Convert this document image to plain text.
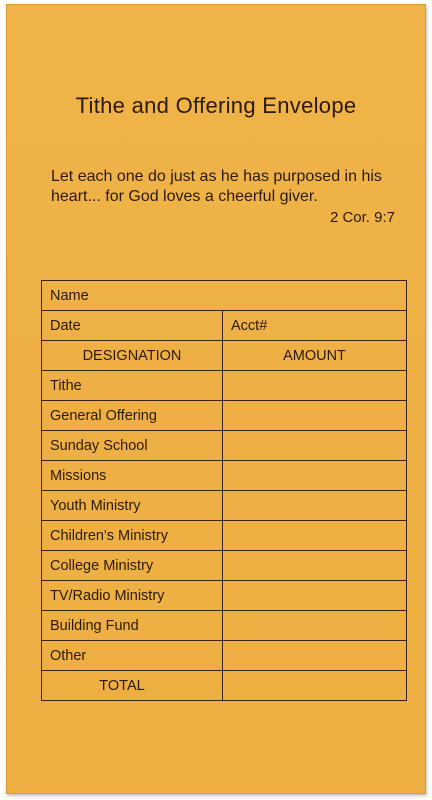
Tithe and Offering Envelope
Let each one do just as he has purposed in his heart... for God loves a cheerful giver.
2 Cor. 9:7
Name
Date	Acct#
DESIGNATION	AMOUNT
Tithe
General Offering
Sunday School
Missions
Youth Ministry
Children's Ministry
College Ministry
TV/Radio Ministry
Building Fund
Other
TOTAL
